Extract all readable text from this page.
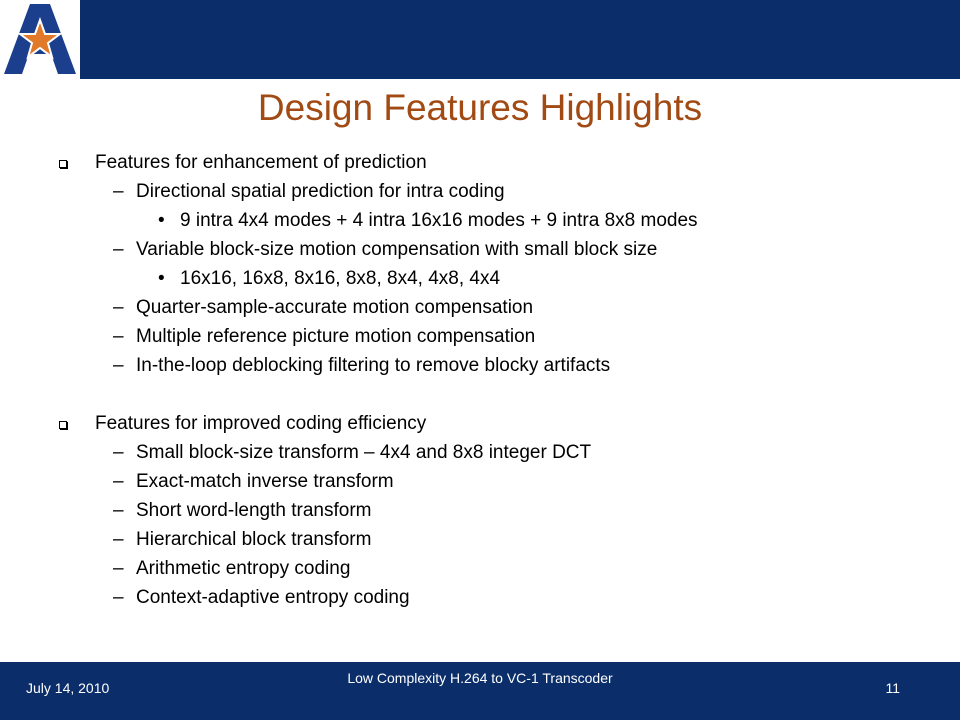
Design Features Highlights
Features for enhancement of prediction
– Directional spatial prediction for intra coding
• 9 intra 4x4 modes + 4 intra 16x16 modes + 9 intra 8x8 modes
– Variable block-size motion compensation with small block size
• 16x16, 16x8, 8x16, 8x8, 8x4, 4x8, 4x4
– Quarter-sample-accurate motion compensation
– Multiple reference picture motion compensation
– In-the-loop deblocking filtering to remove blocky artifacts
Features for improved coding efficiency
– Small block-size transform – 4x4 and 8x8 integer DCT
– Exact-match inverse transform
– Short word-length transform
– Hierarchical block transform
– Arithmetic entropy coding
– Context-adaptive entropy coding
July 14, 2010
Low Complexity H.264 to VC-1 Transcoder
11
